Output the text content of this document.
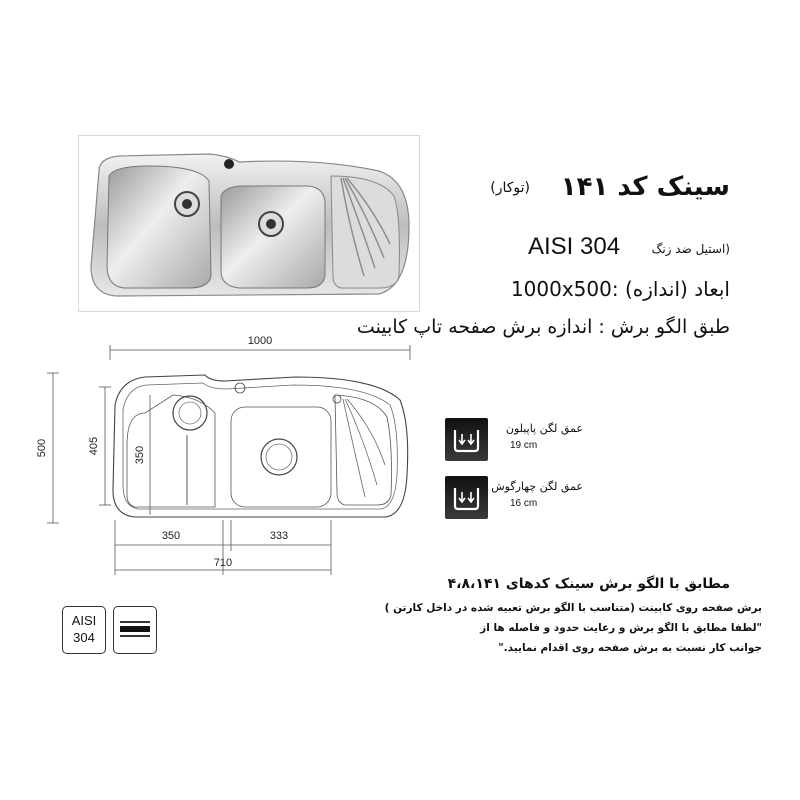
سینک کد ۱۴۱
(توکار)
AISI 304	(استیل ضد زنگ
1000x500: ابعاد (اندازه)
طبق الگو برش : اندازه برش صفحه تاپ کابینت
1000
500	405	350
350	333
710
عمق لگن پاپیلون
19 cm
عمق لگن چهارگوش
16 cm
مطابق با الگو برش سینک کدهای ۴،۸،۱۴۱
برش صفحه روی کابینت (متناسب با الگو برش تعبیه شده در داخل کارتن )
"لطفا مطابق با الگو برش و رعایت حدود و فاصله ها از
جوانب کار نسبت به برش صفحه روی اقدام نمایید."
AISI
304
